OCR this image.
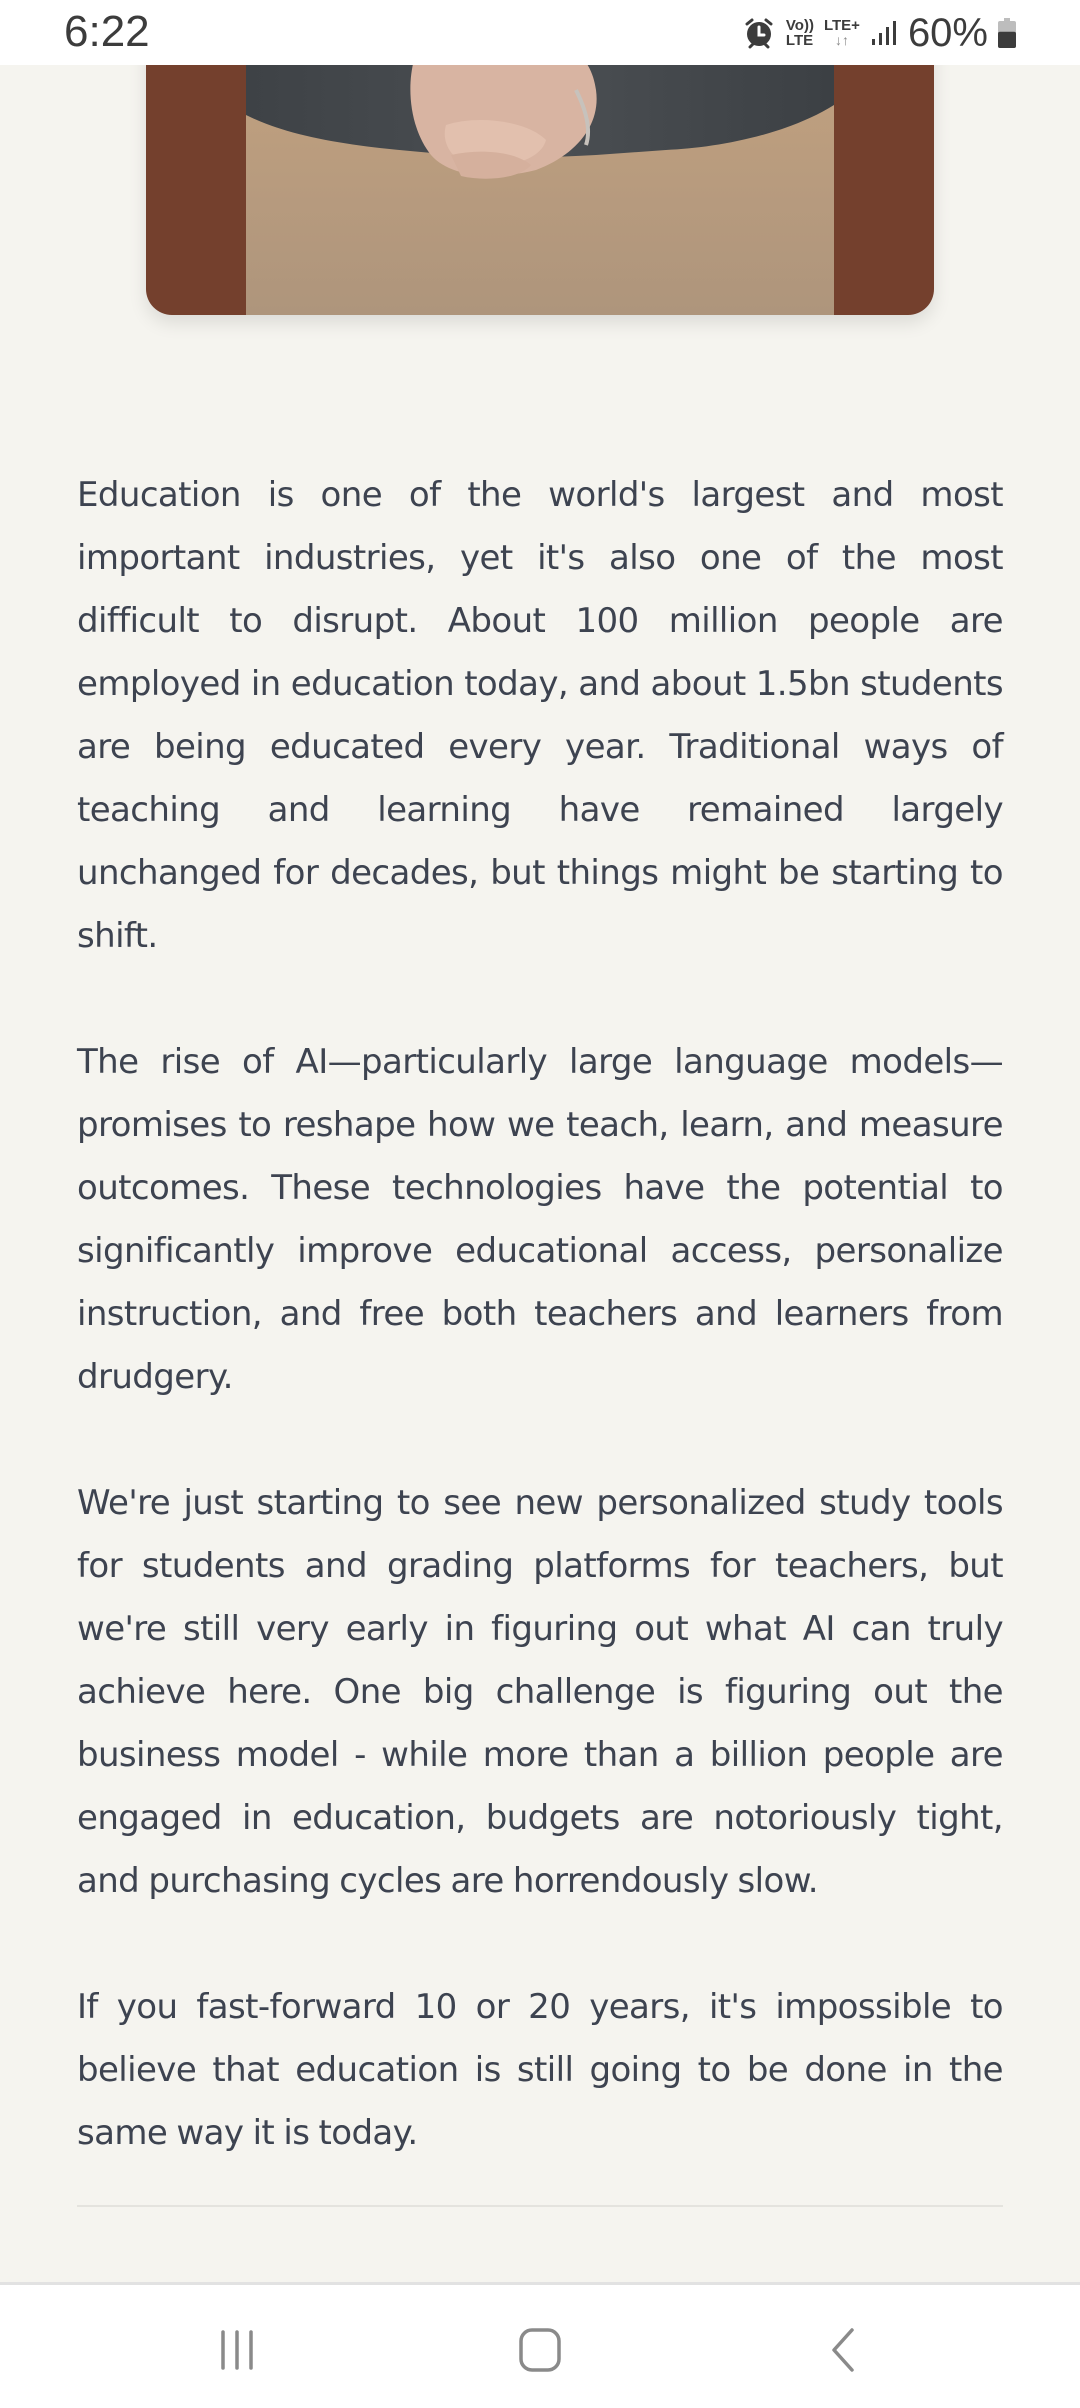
6:22	Vo))
LTE
LTE+
↓↑ 60%

Education is one of the world's largest and most important industries, yet it's also one of the most difficult to disrupt. About 100 million people are employed in education today, and about 1.5bn students are being educated every year. Traditional ways of teaching and learning have remained largely unchanged for decades, but things might be starting to shift.

The rise of AI—particularly large language models—promises to reshape how we teach, learn, and measure outcomes. These technologies have the potential to significantly improve educational access, personalize instruction, and free both teachers and learners from drudgery.

We're just starting to see new personalized study tools for students and grading platforms for teachers, but we're still very early in figuring out what AI can truly achieve here. One big challenge is figuring out the business model - while more than a billion people are engaged in education, budgets are notoriously tight, and purchasing cycles are horrendously slow.

If you fast-forward 10 or 20 years, it's impossible to believe that education is still going to be done in the same way it is today.
